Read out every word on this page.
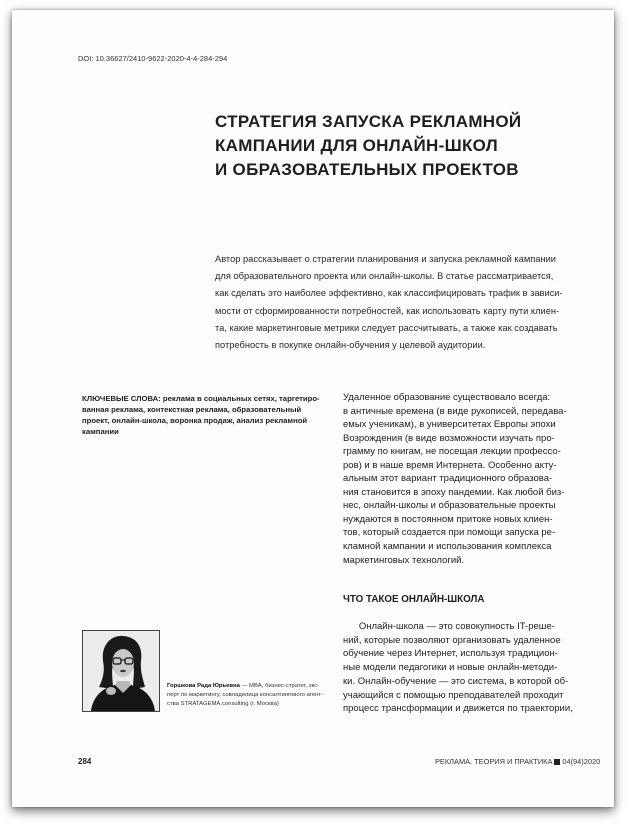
DOI: 10.36627/2410-9622-2020-4-4-284-294
СТРАТЕГИЯ ЗАПУСКА РЕКЛАМНОЙ
КАМПАНИИ ДЛЯ ОНЛАЙН-ШКОЛ
И ОБРАЗОВАТЕЛЬНЫХ ПРОЕКТОВ
Автор рассказывает о стратегии планирования и запуска рекламной кампании
для образовательного проекта или онлайн-школы. В статье рассматривается,
как сделать это наиболее эффективно, как классифицировать трафик в зависи-
мости от сформированности потребностей, как использовать карту пути клиен-
та, какие маркетинговые метрики следует рассчитывать, а также как создавать
потребность в покупке онлайн-обучения у целевой аудитории.
КЛЮЧЕВЫЕ СЛОВА: реклама в социальных сетях, таргетиро-
ванная реклама, контекстная реклама, образовательный
проект, онлайн-школа, воронка продаж, анализ рекламной
кампании
Удаленное образование существовало всегда:
в античные времена (в виде рукописей, передава-
емых ученикам), в университетах Европы эпохи
Возрождения (в виде возможности изучать про-
грамму по книгам, не посещая лекции профессо-
ров) и в наше время Интернета. Особенно акту-
альным этот вариант традиционного образова-
ния становится в эпоху пандемии. Как любой биз-
нес, онлайн-школы и образовательные проекты
нуждаются в постоянном притоке новых клиен-
тов, который создается при помощи запуска ре-
кламной кампании и использования комплекса
маркетинговых технологий.
ЧТО ТАКОЕ ОНЛАЙН-ШКОЛА
Онлайн-школа — это совокупность IT-реше-
ний, которые позволяют организовать удаленное
обучение через Интернет, используя традицион-
ные модели педагогики и новые онлайн-методи-
ки. Онлайн-обучение — это система, в которой об-
учающийся с помощью преподавателей проходит
процесс трансформации и движется по траектории,
Горшкова Рада Юрьевна — MBA, бизнес-стратег, экс-
перт по маркетингу, совладелица консалтингового агент-
ства STRATAGEMA.consulting (г. Москва)
284	РЕКЛАМА. ТЕОРИЯ И ПРАКТИКА 04(94)2020
